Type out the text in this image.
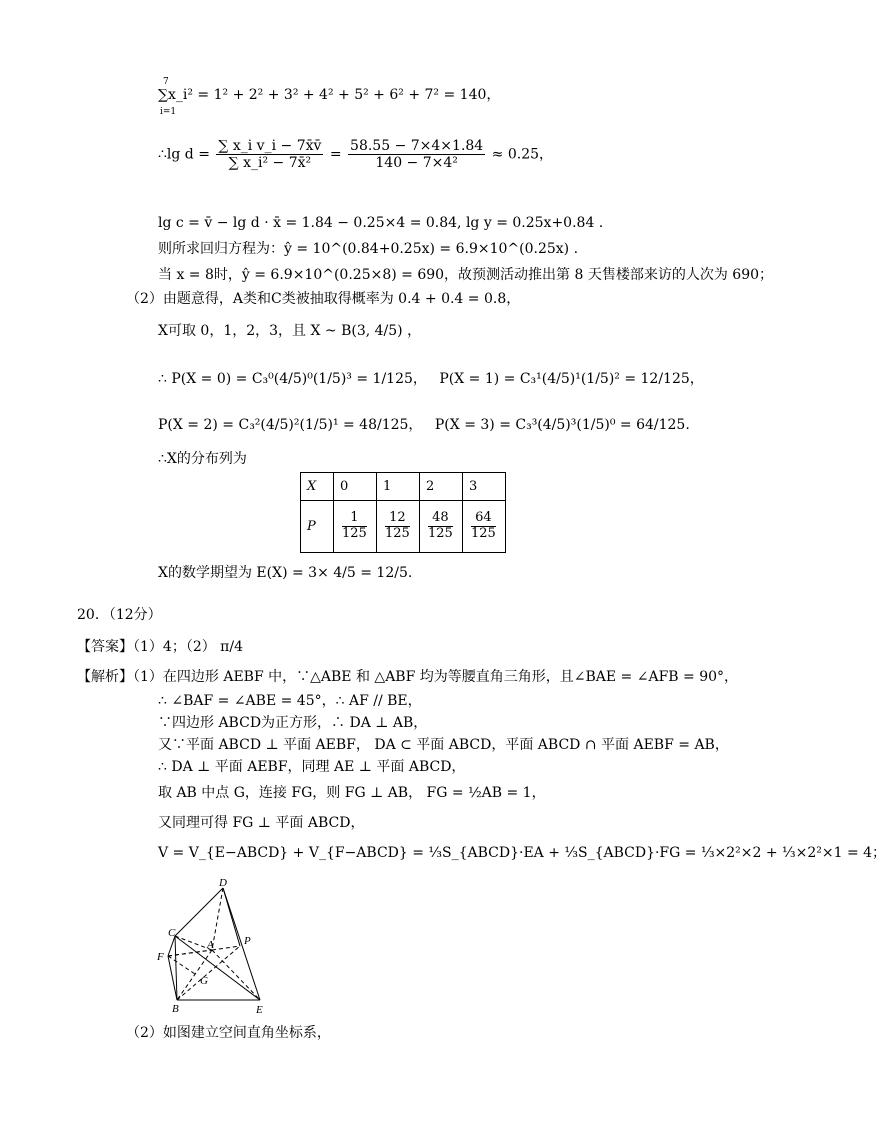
7
∑x_i² = 1² + 2² + 3² + 4² + 5² + 6² + 7² = 140，
i=1
∴lg $d = \frac{\text{∑ x\_i v\_i − 7x̄v̄}}{\text{∑ x\_i² − 7x̄²}} = \frac{58.55 - 7\times 4\times 1.84}{\text{140 − 7×4²}} \approx 0.25$，
lg c = v̄ − lg d · x̄ = 1.84 − 0.25×4 = 0.84, lg y = 0.25x+0.84 .
则所求回归方程为：ŷ = 10^(0.84+0.25x) = 6.9×10^(0.25x) .
当 x = 8时，ŷ = 6.9×10^(0.25×8) = 690，故预测活动推出第 8 天售楼部来访的人次为 690；
（2）由题意得，A类和C类被抽取得概率为 0.4 + 0.4 = 0.8，
X可取 0，1，2，3，且 X ~ B(3, 4/5) ，
∴ P(X = 0) = C₃⁰(4/5)⁰(1/5)³ = 1/125， P(X = 1) = C₃¹(4/5)¹(1/5)² = 12/125，
P(X = 2) = C₃²(4/5)²(1/5)¹ = 48/125， P(X = 3) = C₃³(4/5)³(1/5)⁰ = 64/125.
∴X的分布列为
X	0	1	2	3
P	$\frac{1}{125}$	$\frac{12}{125}$	$\frac{48}{125}$	$\frac{64}{125}$
X的数学期望为 E(X) = 3× 4/5 = 12/5.
20．（12分）
【答案】（1）4；（2） π/4
【解析】
（1）在四边形 AEBF 中，∵△ABE 和 △ABF 均为等腰直角三角形，且∠BAE = ∠AFB = 90°，
∴ ∠BAF = ∠ABE = 45°，∴ AF // BE，
∵四边形 ABCD为正方形，∴ DA ⊥ AB，
又∵平面 ABCD ⊥ 平面 AEBF， DA ⊂ 平面 ABCD，平面 ABCD ∩ 平面 AEBF = AB，
∴ DA ⊥ 平面 AEBF，同理 AE ⊥ 平面 ABCD，
取 AB 中点 G，连接 FG，则 FG ⊥ AB， FG = ½AB = 1，
又同理可得 FG ⊥ 平面 ABCD，
V = V_{E−ABCD} + V_{F−ABCD} = ⅓S_{ABCD}·EA + ⅓S_{ABCD}·FG = ⅓×2²×2 + ⅓×2²×1 = 4；
D
C
A	P
F
G
B	E
（2）如图建立空间直角坐标系，
